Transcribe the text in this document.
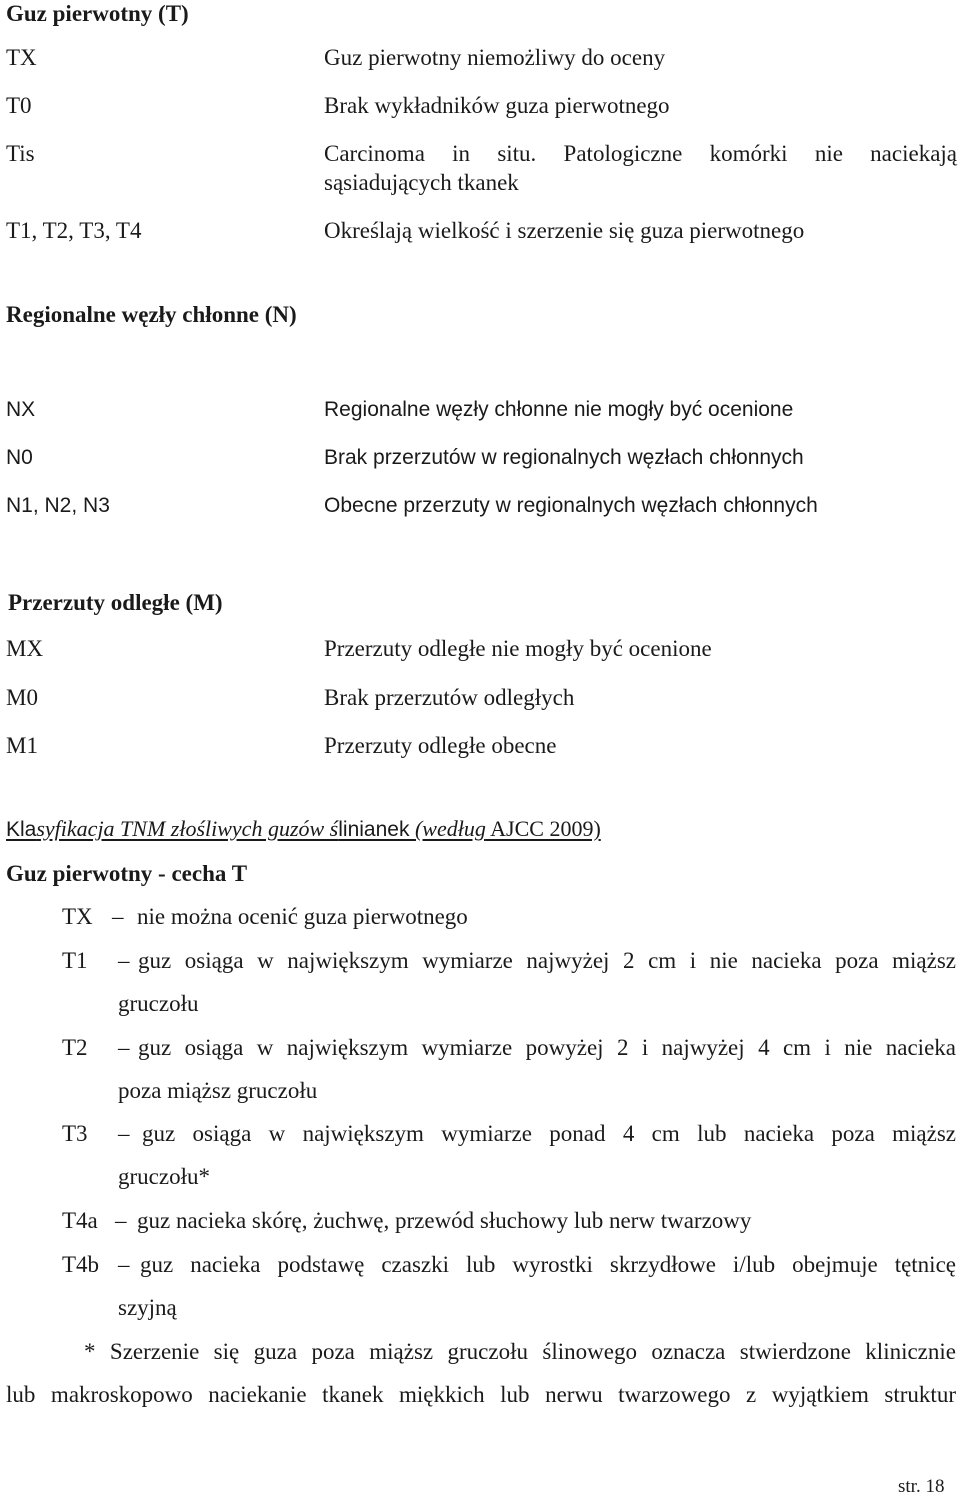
Guz pierwotny (T)
TX	Guz pierwotny niemożliwy do oceny
T0	Brak wykładników guza pierwotnego
Tis	Carcinoma in situ. Patologiczne komórki nie naciekają
sąsiadujących tkanek
T1, T2, T3, T4	Określają wielkość i szerzenie się guza pierwotnego
Regionalne węzły chłonne (N)
NX	Regionalne węzły chłonne nie mogły być ocenione
N0	Brak przerzutów w regionalnych węzłach chłonnych
N1, N2, N3	Obecne przerzuty w regionalnych węzłach chłonnych
Przerzuty odległe (M)
MX	Przerzuty odległe nie mogły być ocenione
M0	Brak przerzutów odległych
M1	Przerzuty odległe obecne
Klasyfikacja TNM złośliwych guzów ślinianek (według AJCC 2009)
Guz pierwotny - cecha T
TX – nie można ocenić guza pierwotnego
T1 – guz osiąga w największym wymiarze najwyżej 2 cm i nie nacieka poza miąższ
gruczołu
T2 – guz osiąga w największym wymiarze powyżej 2 i najwyżej 4 cm i nie nacieka
poza miąższ gruczołu
T3 – guz osiąga w największym wymiarze ponad 4 cm lub nacieka poza miąższ
gruczołu*
T4a – guz nacieka skórę, żuchwę, przewód słuchowy lub nerw twarzowy
T4b – guz nacieka podstawę czaszki lub wyrostki skrzydłowe i/lub obejmuje tętnicę
szyjną
* Szerzenie się guza poza miąższ gruczołu ślinowego oznacza stwierdzone klinicznie
lub makroskopowo naciekanie tkanek miękkich lub nerwu twarzowego z wyjątkiem struktur
str. 18
